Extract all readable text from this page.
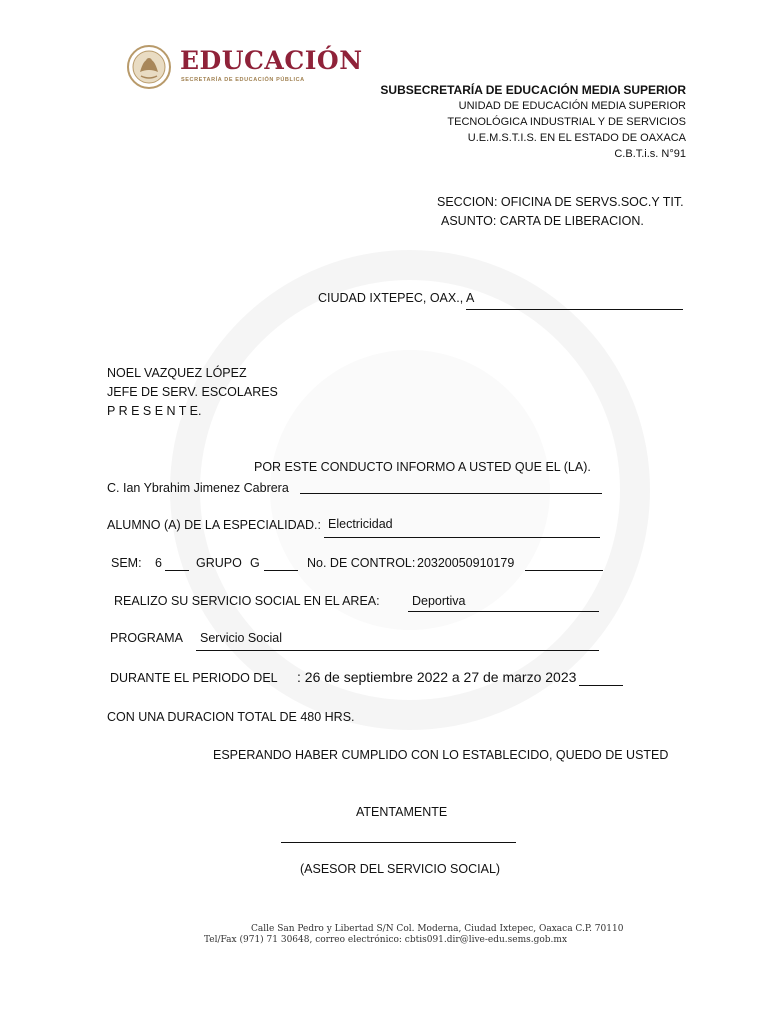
EDUCACIÓN
SECRETARÍA DE EDUCACIÓN PÚBLICA
SUBSECRETARÍA DE EDUCACIÓN MEDIA SUPERIOR
UNIDAD DE EDUCACIÓN MEDIA SUPERIOR
TECNOLÓGICA INDUSTRIAL Y DE SERVICIOS
U.E.M.S.T.I.S. EN EL ESTADO DE OAXACA
C.B.T.i.s. N°91
SECCION: OFICINA DE SERVS.SOC.Y TIT.
ASUNTO: CARTA DE LIBERACION.
CIUDAD IXTEPEC, OAX., A
NOEL VAZQUEZ LÓPEZ
JEFE DE SERV. ESCOLARES
P R E S E N T E.
POR ESTE CONDUCTO INFORMO A USTED QUE EL (LA).
C. Ian Ybrahim Jimenez Cabrera
ALUMNO (A) DE LA ESPECIALIDAD.: Electricidad
SEM: 6	GRUPO G	No. DE CONTROL: 20320050910179
REALIZO SU SERVICIO SOCIAL EN EL AREA:	Deportiva
PROGRAMA Servicio Social
DURANTE EL PERIODO DEL : 26 de septiembre 2022 a 27 de marzo 2023
CON UNA DURACION TOTAL DE 480 HRS.
ESPERANDO HABER CUMPLIDO CON LO ESTABLECIDO, QUEDO DE USTED
ATENTAMENTE
(ASESOR DEL SERVICIO SOCIAL)
Calle San Pedro y Libertad S/N Col. Moderna, Ciudad Ixtepec, Oaxaca C.P. 70110
Tel/Fax (971) 71 30648, correo electrónico: cbtis091.dir@live-edu.sems.gob.mx
